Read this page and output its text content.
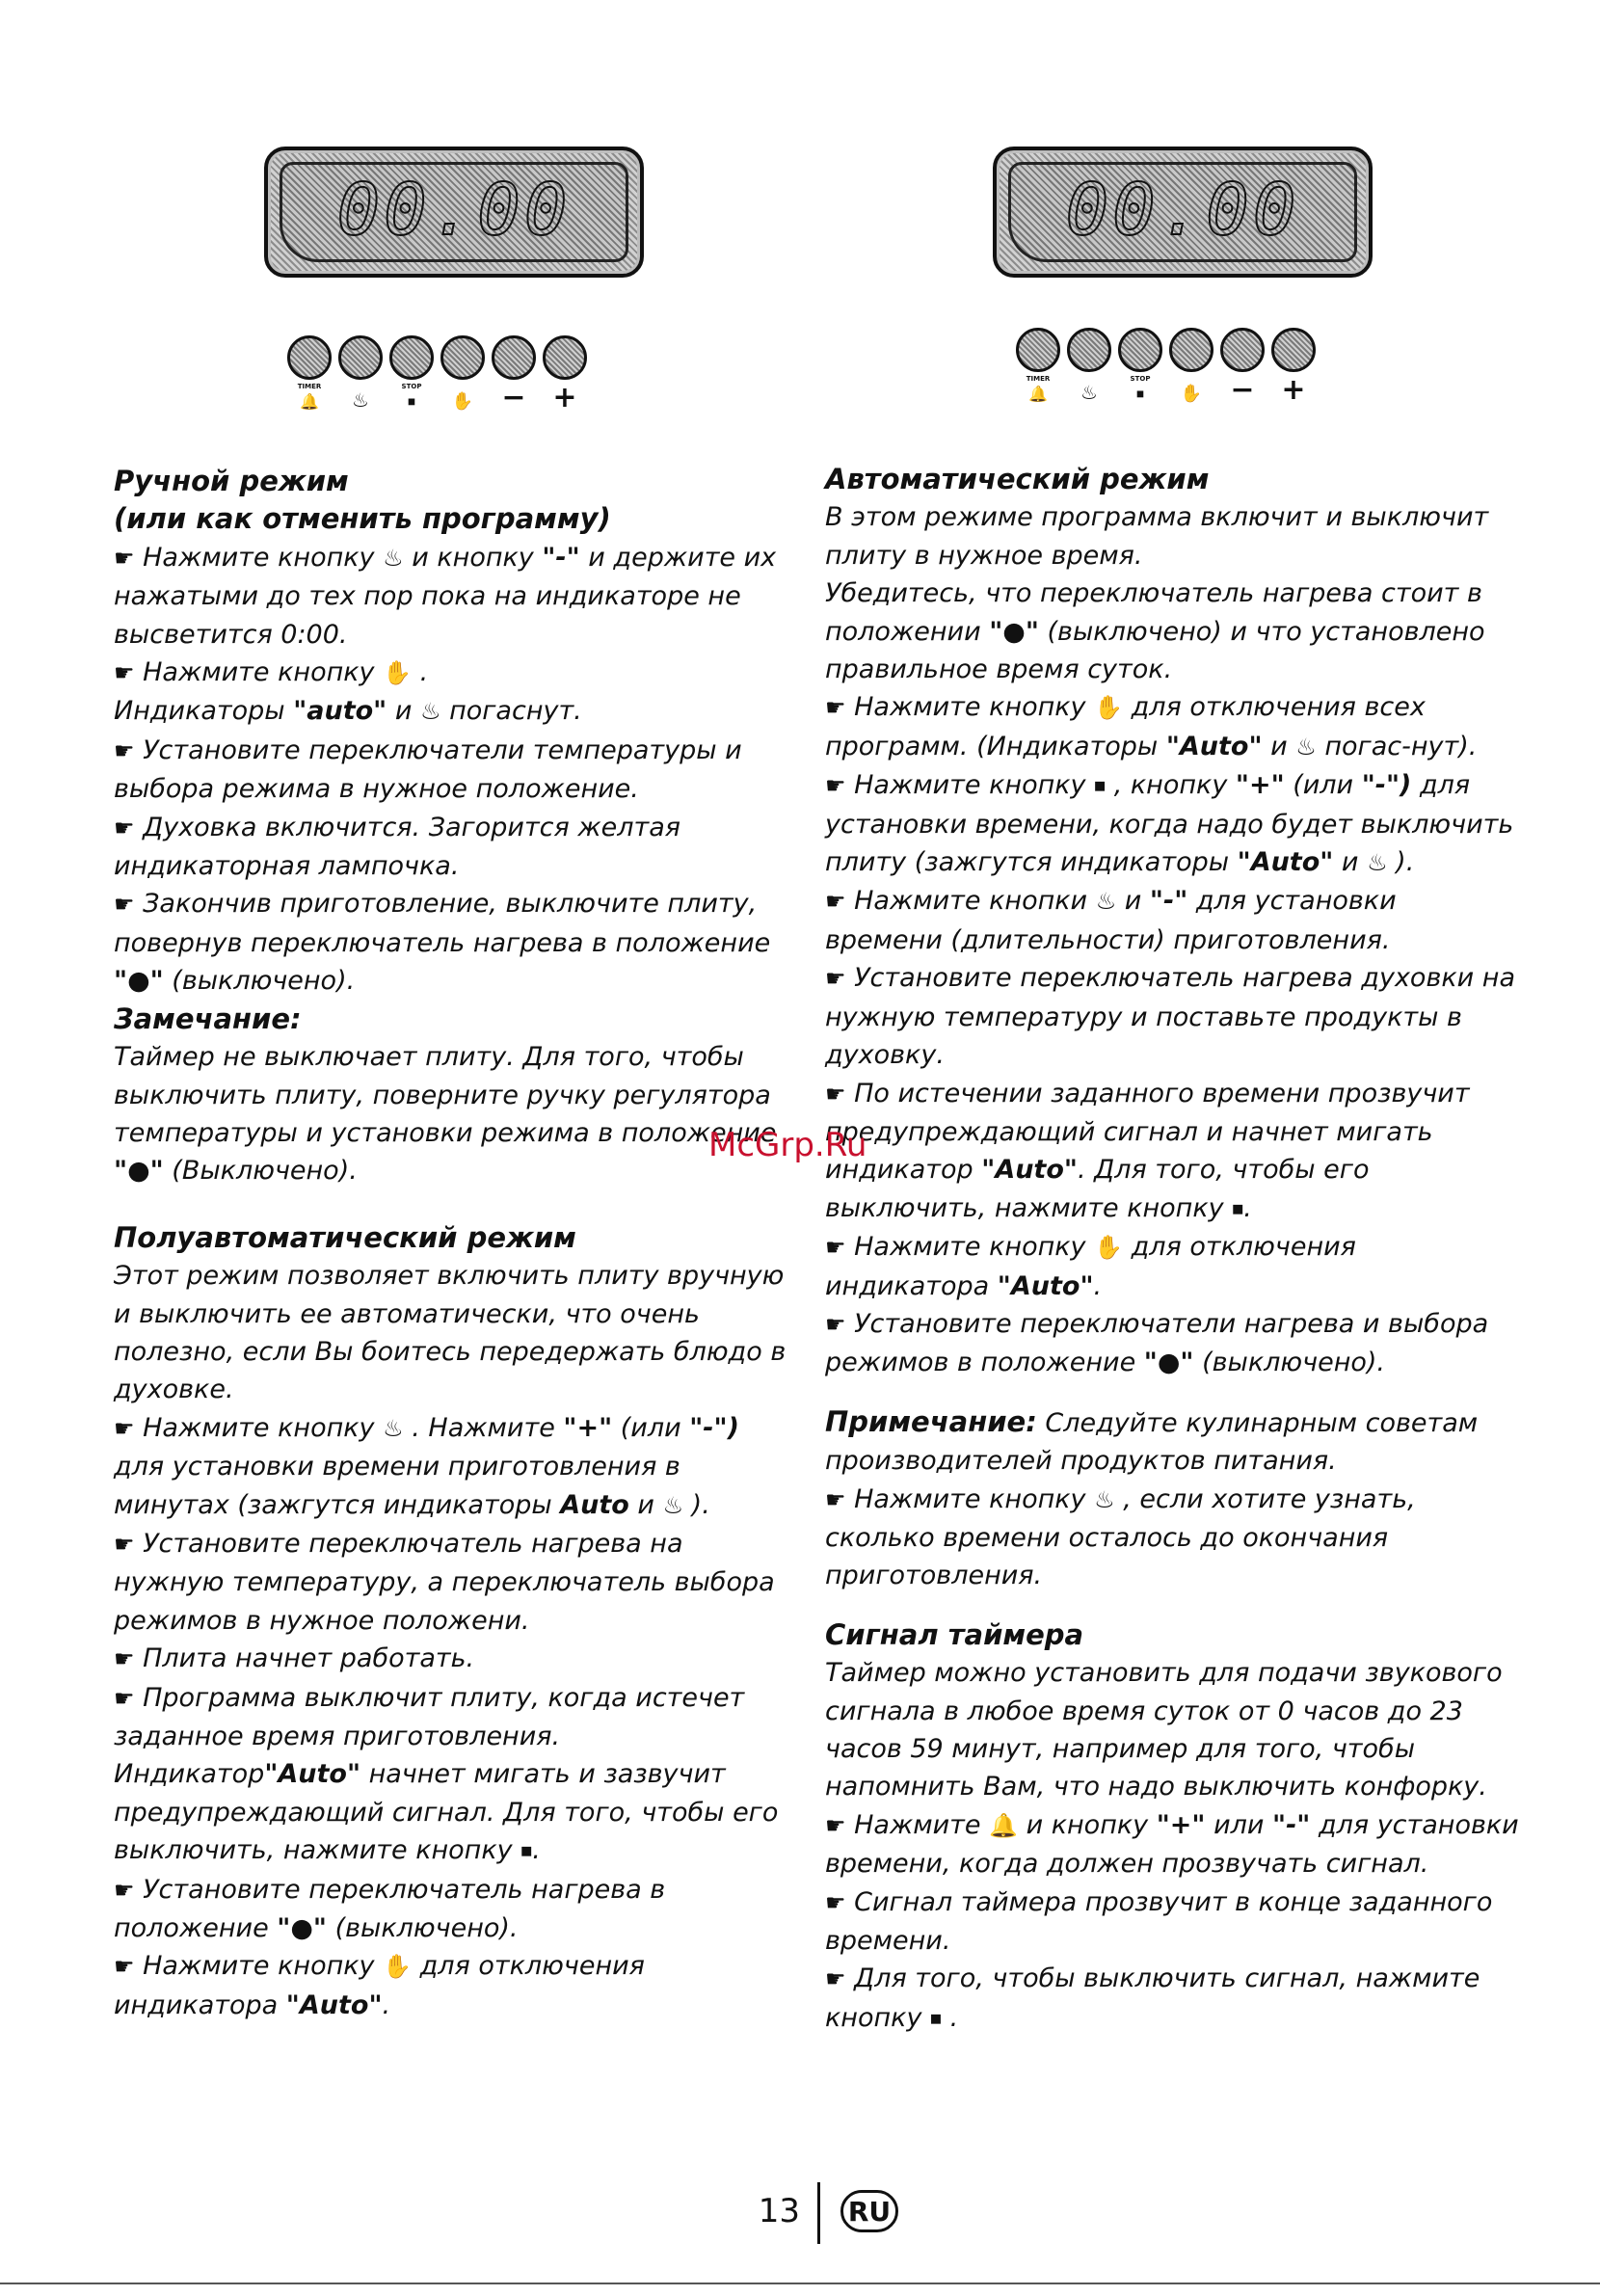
00.00
TIMER
🔔
	♨
STOP
⏹
	✋ − +
00.00
TIMER
🔔
	♨
STOP
⏹
	✋ − +

Ручной режим

(или как отменить программу)

☛ Нажмите кнопку ♨ и кнопку "-" и держите их нажатыми до тех пор пока на индикаторе не высветится 0:00.

☛ Нажмите кнопку ✋ .

Индикаторы "auto" и ♨ погаснут.

☛ Установите переключатели температуры и выбора режима в нужное положение.

☛ Духовка включится. Загорится желтая индикаторная лампочка.

☛ Закончив приготовление, выключите плиту, повернув переключатель нагрева в положение "●" (выключено).

Замечание:

Таймер не выключает плиту. Для того, чтобы выключить плиту, поверните ручку регулятора температуры и установки режима в положение "●" (Выключено).

Полуавтоматический режим

Этот режим позволяет включить плиту вручную и выключить ее автоматически, что очень полезно, если Вы боитесь передержать блюдо в духовке.

☛ Нажмите кнопку ♨ . Нажмите "+" (или "-") для установки времени приготовления в минутах (зажгутся индикаторы Auto и ♨ ).

☛ Установите переключатель нагрева на нужную температуру, а переключатель выбора режимов в нужное положени.

☛ Плита начнет работать.

☛ Программа выключит плиту, когда истечет заданное время приготовления.

Индикатор"Auto" начнет мигать и зазвучит предупреждающий сигнал. Для того, чтобы его выключить, нажмите кнопку ⏹.

☛ Установите переключатель нагрева в положение "●" (выключено).

☛ Нажмите кнопку ✋ для отключения индикатора "Auto".

Автоматический режим

В этом режиме программа включит и выключит плиту в нужное время.

Убедитесь, что переключатель нагрева стоит в положении "●" (выключено) и что установлено правильное время суток.

☛ Нажмите кнопку ✋ для отключения всех программ. (Индикаторы "Auto" и ♨ погас-нут).

☛ Нажмите кнопку ⏹ , кнопку "+" (или "-") для установки времени, когда надо будет выключить плиту (зажгутся индикаторы "Auto" и ♨ ).

☛ Нажмите кнопки ♨ и "-" для установки времени (длительности) приготовления.

☛ Установите переключатель нагрева духовки на нужную температуру и поставьте продукты в духовку.

☛ По истечении заданного времени прозвучит предупреждающий сигнал и начнет мигать индикатор "Auto". Для того, чтобы его выключить, нажмите кнопку ⏹.

☛ Нажмите кнопку ✋ для отключения индикатора "Auto".

☛ Установите переключатели нагрева и выбора режимов в положение "●" (выключено).

Примечание: Следуйте кулинарным советам производителей продуктов питания.

☛ Нажмите кнопку ♨ , если хотите узнать, сколько времени осталось до окончания приготовления.

Сигнал таймера

Таймер можно установить для подачи звукового сигнала в любое время суток от 0 часов до 23 часов 59 минут, например для того, чтобы напомнить Вам, что надо выключить конфорку.

☛ Нажмите 🔔 и кнопку "+" или "-" для установки времени, когда должен прозвучать сигнал.

☛ Сигнал таймера прозвучит в конце заданного времени.

☛ Для того, чтобы выключить сигнал, нажмите кнопку ⏹ .

McGrp.Ru
13 RU
